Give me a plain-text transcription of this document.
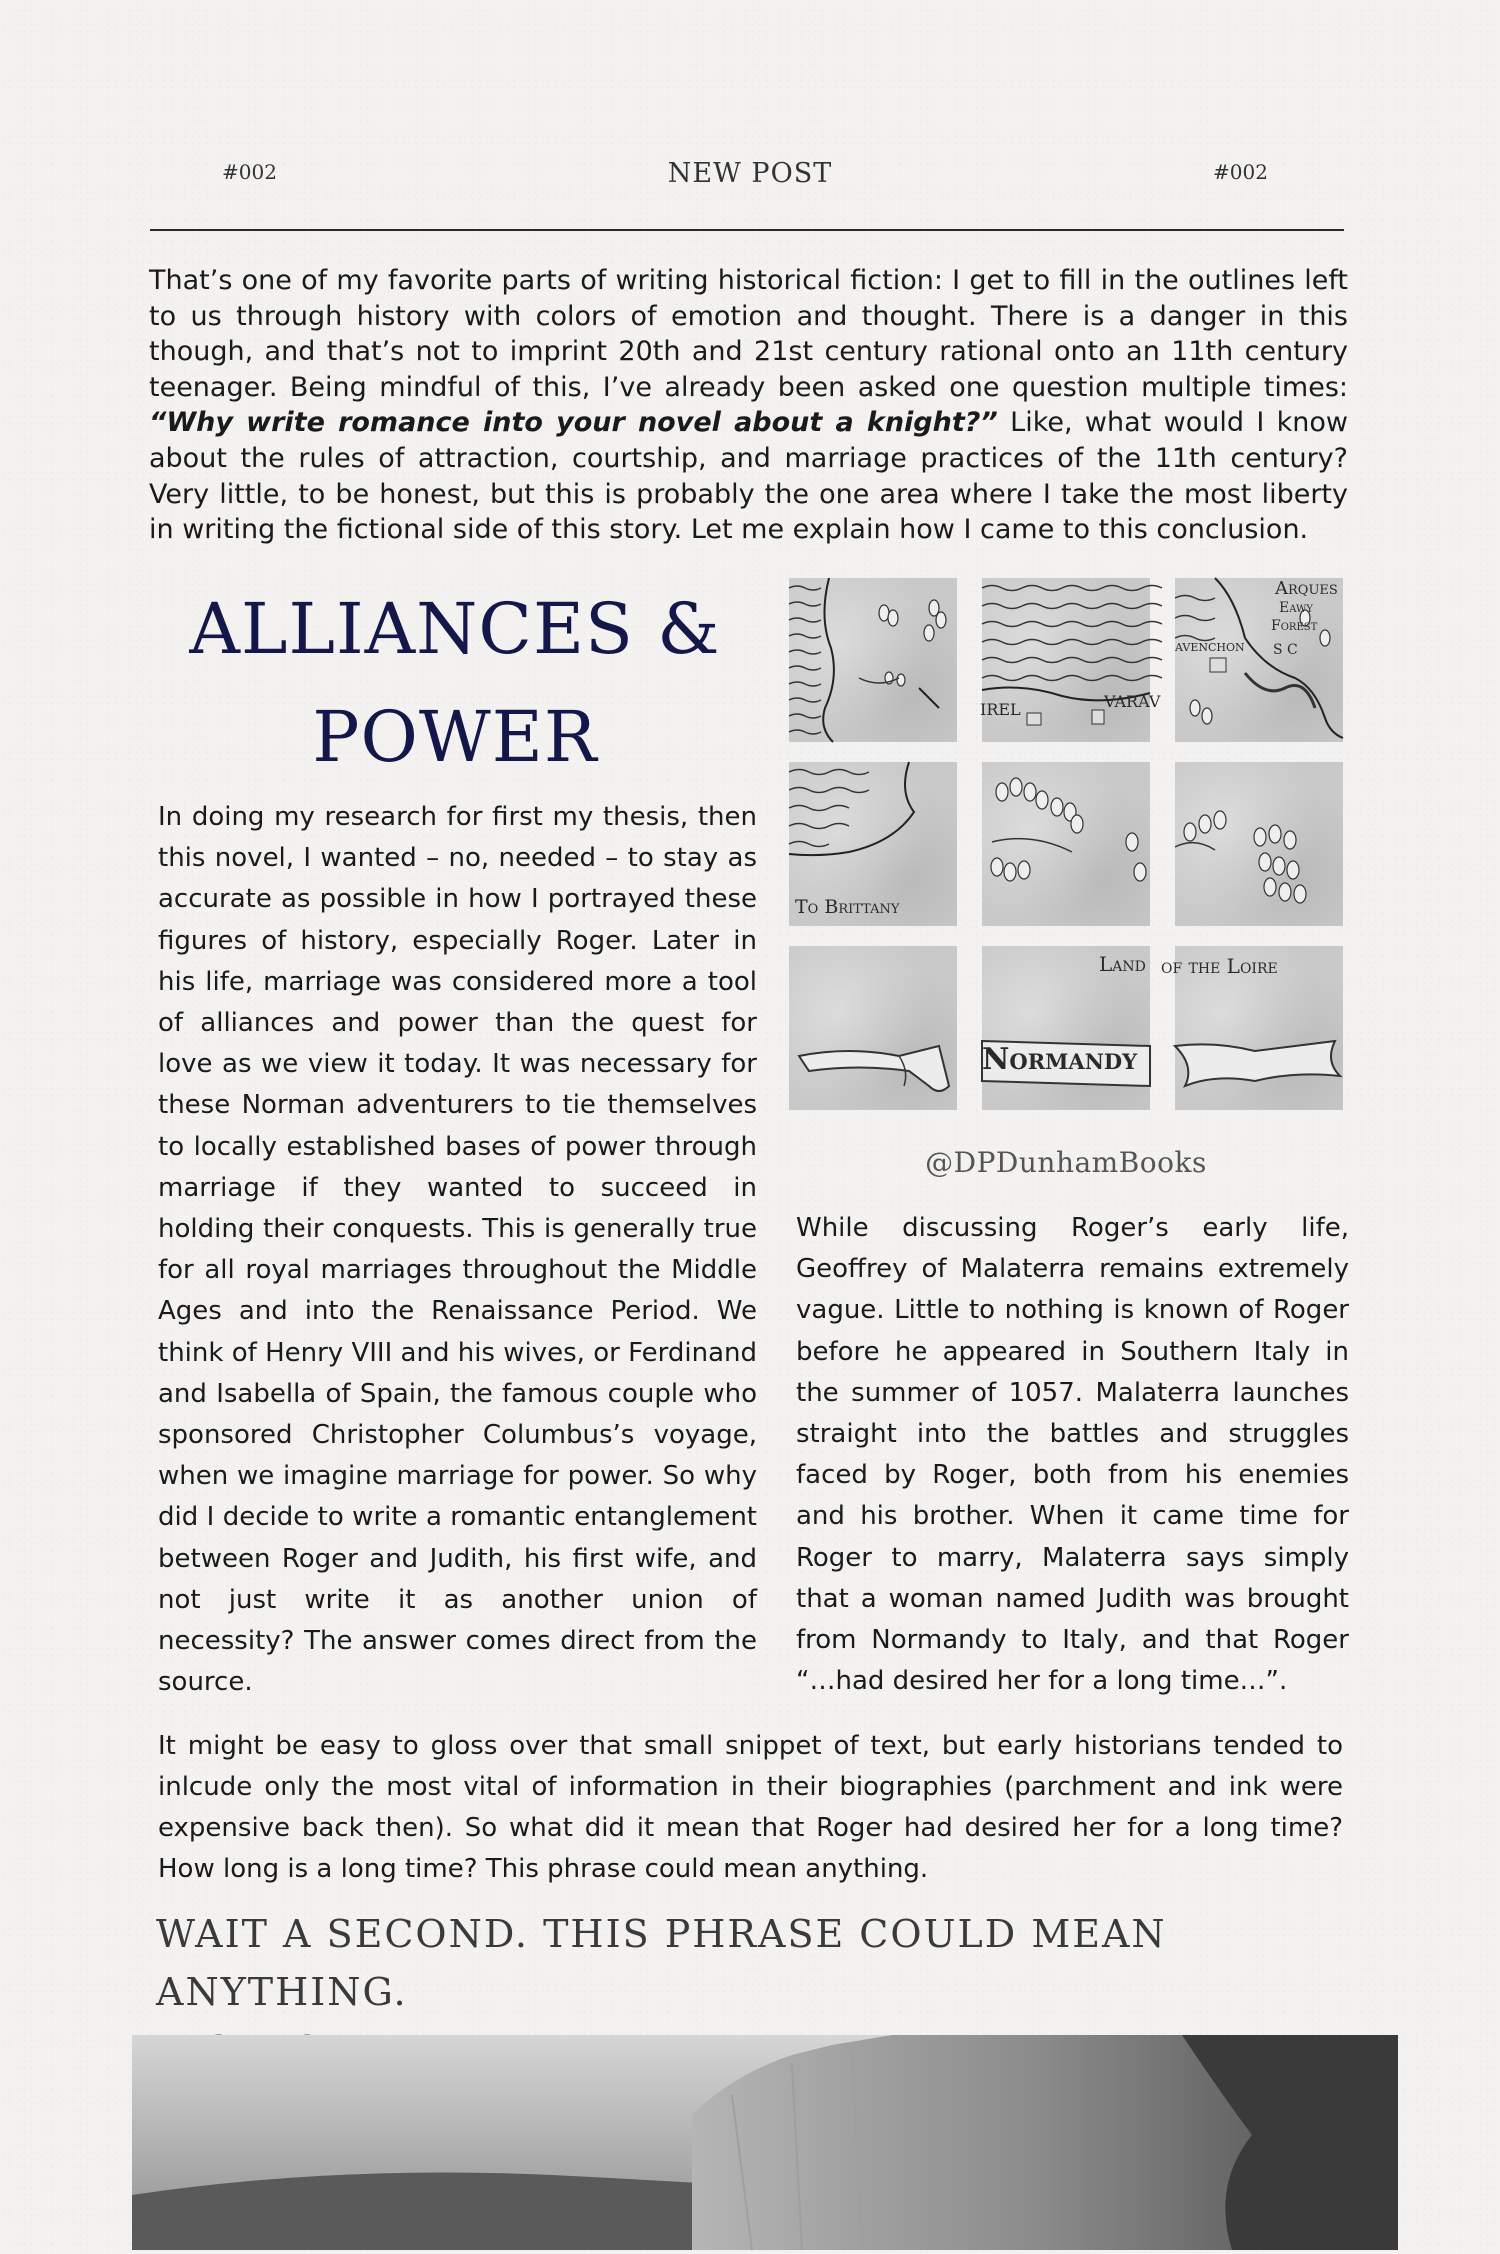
#002	NEW POST	#002
That’s one of my favorite parts of writing historical fiction: I get to fill in the outlines left to us through history with colors of emotion and thought. There is a danger in this though, and that’s not to imprint 20th and 21st century rational onto an 11th century teenager. Being mindful of this, I’ve already been asked one question multiple times: “Why write romance into your novel about a knight?” Like, what would I know about the rules of attraction, courtship, and marriage practices of the 11th century? Very little, to be honest, but this is probably the one area where I take the most liberty in writing the fictional side of this story. Let me explain how I came to this conclusion.
ALLIANCES &
POWER
In doing my research for first my thesis, then this novel, I wanted – no, needed – to stay as accurate as possible in how I portrayed these figures of history, especially Roger. Later in his life, marriage was considered more a tool of alliances and power than the quest for love as we view it today. It was necessary for these Norman adventurers to tie themselves to locally established bases of power through marriage if they wanted to succeed in holding their conquests. This is generally true for all royal marriages throughout the Middle Ages and into the Renaissance Period. We think of Henry VIII and his wives, or Ferdinand and Isabella of Spain, the famous couple who sponsored Christopher Columbus’s voyage, when we imagine marriage for power. So why did I decide to write a romantic entanglement between Roger and Judith, his first wife, and not just write it as another union of necessity? The answer comes direct from the source.
IREL	VARAV
Arques
Eawy
Forest
avenchon S C
To Brittany
Normandy
of the Loire
Land
@DPDunhamBooks
While discussing Roger’s early life, Geoffrey of Malaterra remains extremely vague. Little to nothing is known of Roger before he appeared in Southern Italy in the summer of 1057. Malaterra launches straight into the battles and struggles faced by Roger, both from his enemies and his brother. When it came time for Roger to marry, Malaterra says simply that a woman named Judith was brought from Normandy to Italy, and that Roger “…had desired her for a long time…”.
It might be easy to gloss over that small snippet of text, but early historians tended to inlcude only the most vital of information in their biographies (parchment and ink were expensive back then). So what did it mean that Roger had desired her for a long time? How long is a long time? This phrase could mean anything.
WAIT A SECOND. THIS PHRASE COULD MEAN ANYTHING.
